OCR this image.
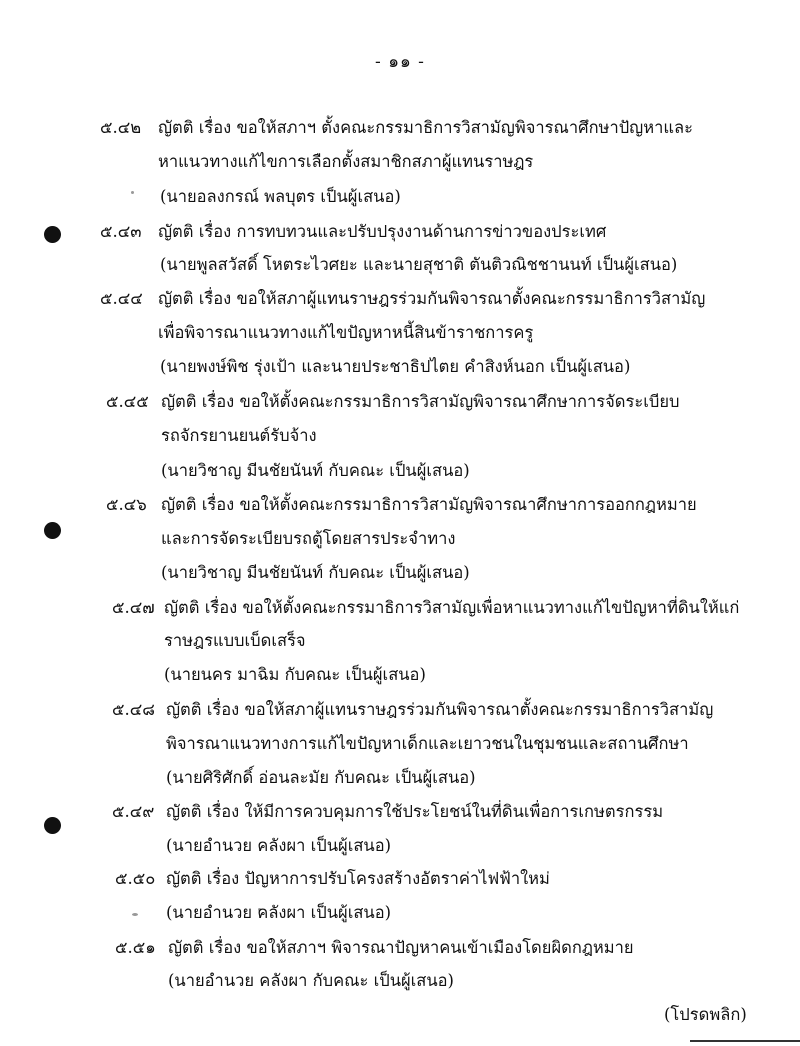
- ๑๑ -
๕.๔๒ ญัตติ เรื่อง ขอให้สภาฯ ตั้งคณะกรรมาธิการวิสามัญพิจารณาศึกษาปัญหาและ
หาแนวทางแก้ไขการเลือกตั้งสมาชิกสภาผู้แทนราษฎร
(นายอลงกรณ์ พลบุตร เป็นผู้เสนอ)
๕.๔๓ ญัตติ เรื่อง การทบทวนและปรับปรุงงานด้านการข่าวของประเทศ
(นายพูลสวัสดิ์ โหตระไวศยะ และนายสุชาติ ตันติวณิชชานนท์ เป็นผู้เสนอ)
๕.๔๔ ญัตติ เรื่อง ขอให้สภาผู้แทนราษฎรร่วมกันพิจารณาตั้งคณะกรรมาธิการวิสามัญ
เพื่อพิจารณาแนวทางแก้ไขปัญหาหนี้สินข้าราชการครู
(นายพงษ์พิช รุ่งเป้า และนายประชาธิปไตย คำสิงห์นอก เป็นผู้เสนอ)
๕.๔๕ ญัตติ เรื่อง ขอให้ตั้งคณะกรรมาธิการวิสามัญพิจารณาศึกษาการจัดระเบียบ
รถจักรยานยนต์รับจ้าง
(นายวิชาญ มีนชัยนันท์ กับคณะ เป็นผู้เสนอ)
๕.๔๖ ญัตติ เรื่อง ขอให้ตั้งคณะกรรมาธิการวิสามัญพิจารณาศึกษาการออกกฎหมาย
และการจัดระเบียบรถตู้โดยสารประจำทาง
(นายวิชาญ มีนชัยนันท์ กับคณะ เป็นผู้เสนอ)
๕.๔๗ ญัตติ เรื่อง ขอให้ตั้งคณะกรรมาธิการวิสามัญเพื่อหาแนวทางแก้ไขปัญหาที่ดินให้แก่
ราษฎรแบบเบ็ดเสร็จ
(นายนคร มาฉิม กับคณะ เป็นผู้เสนอ)
๕.๔๘ ญัตติ เรื่อง ขอให้สภาผู้แทนราษฎรร่วมกันพิจารณาตั้งคณะกรรมาธิการวิสามัญ
พิจารณาแนวทางการแก้ไขปัญหาเด็กและเยาวชนในชุมชนและสถานศึกษา
(นายศิริศักดิ์ อ่อนละมัย กับคณะ เป็นผู้เสนอ)
๕.๔๙ ญัตติ เรื่อง ให้มีการควบคุมการใช้ประโยชน์ในที่ดินเพื่อการเกษตรกรรม
(นายอำนวย คลังผา เป็นผู้เสนอ)
๕.๕๐ ญัตติ เรื่อง ปัญหาการปรับโครงสร้างอัตราค่าไฟฟ้าใหม่
(นายอำนวย คลังผา เป็นผู้เสนอ)
๕.๕๑ ญัตติ เรื่อง ขอให้สภาฯ พิจารณาปัญหาคนเข้าเมืองโดยผิดกฎหมาย
(นายอำนวย คลังผา กับคณะ เป็นผู้เสนอ)
(โปรดพลิก)
